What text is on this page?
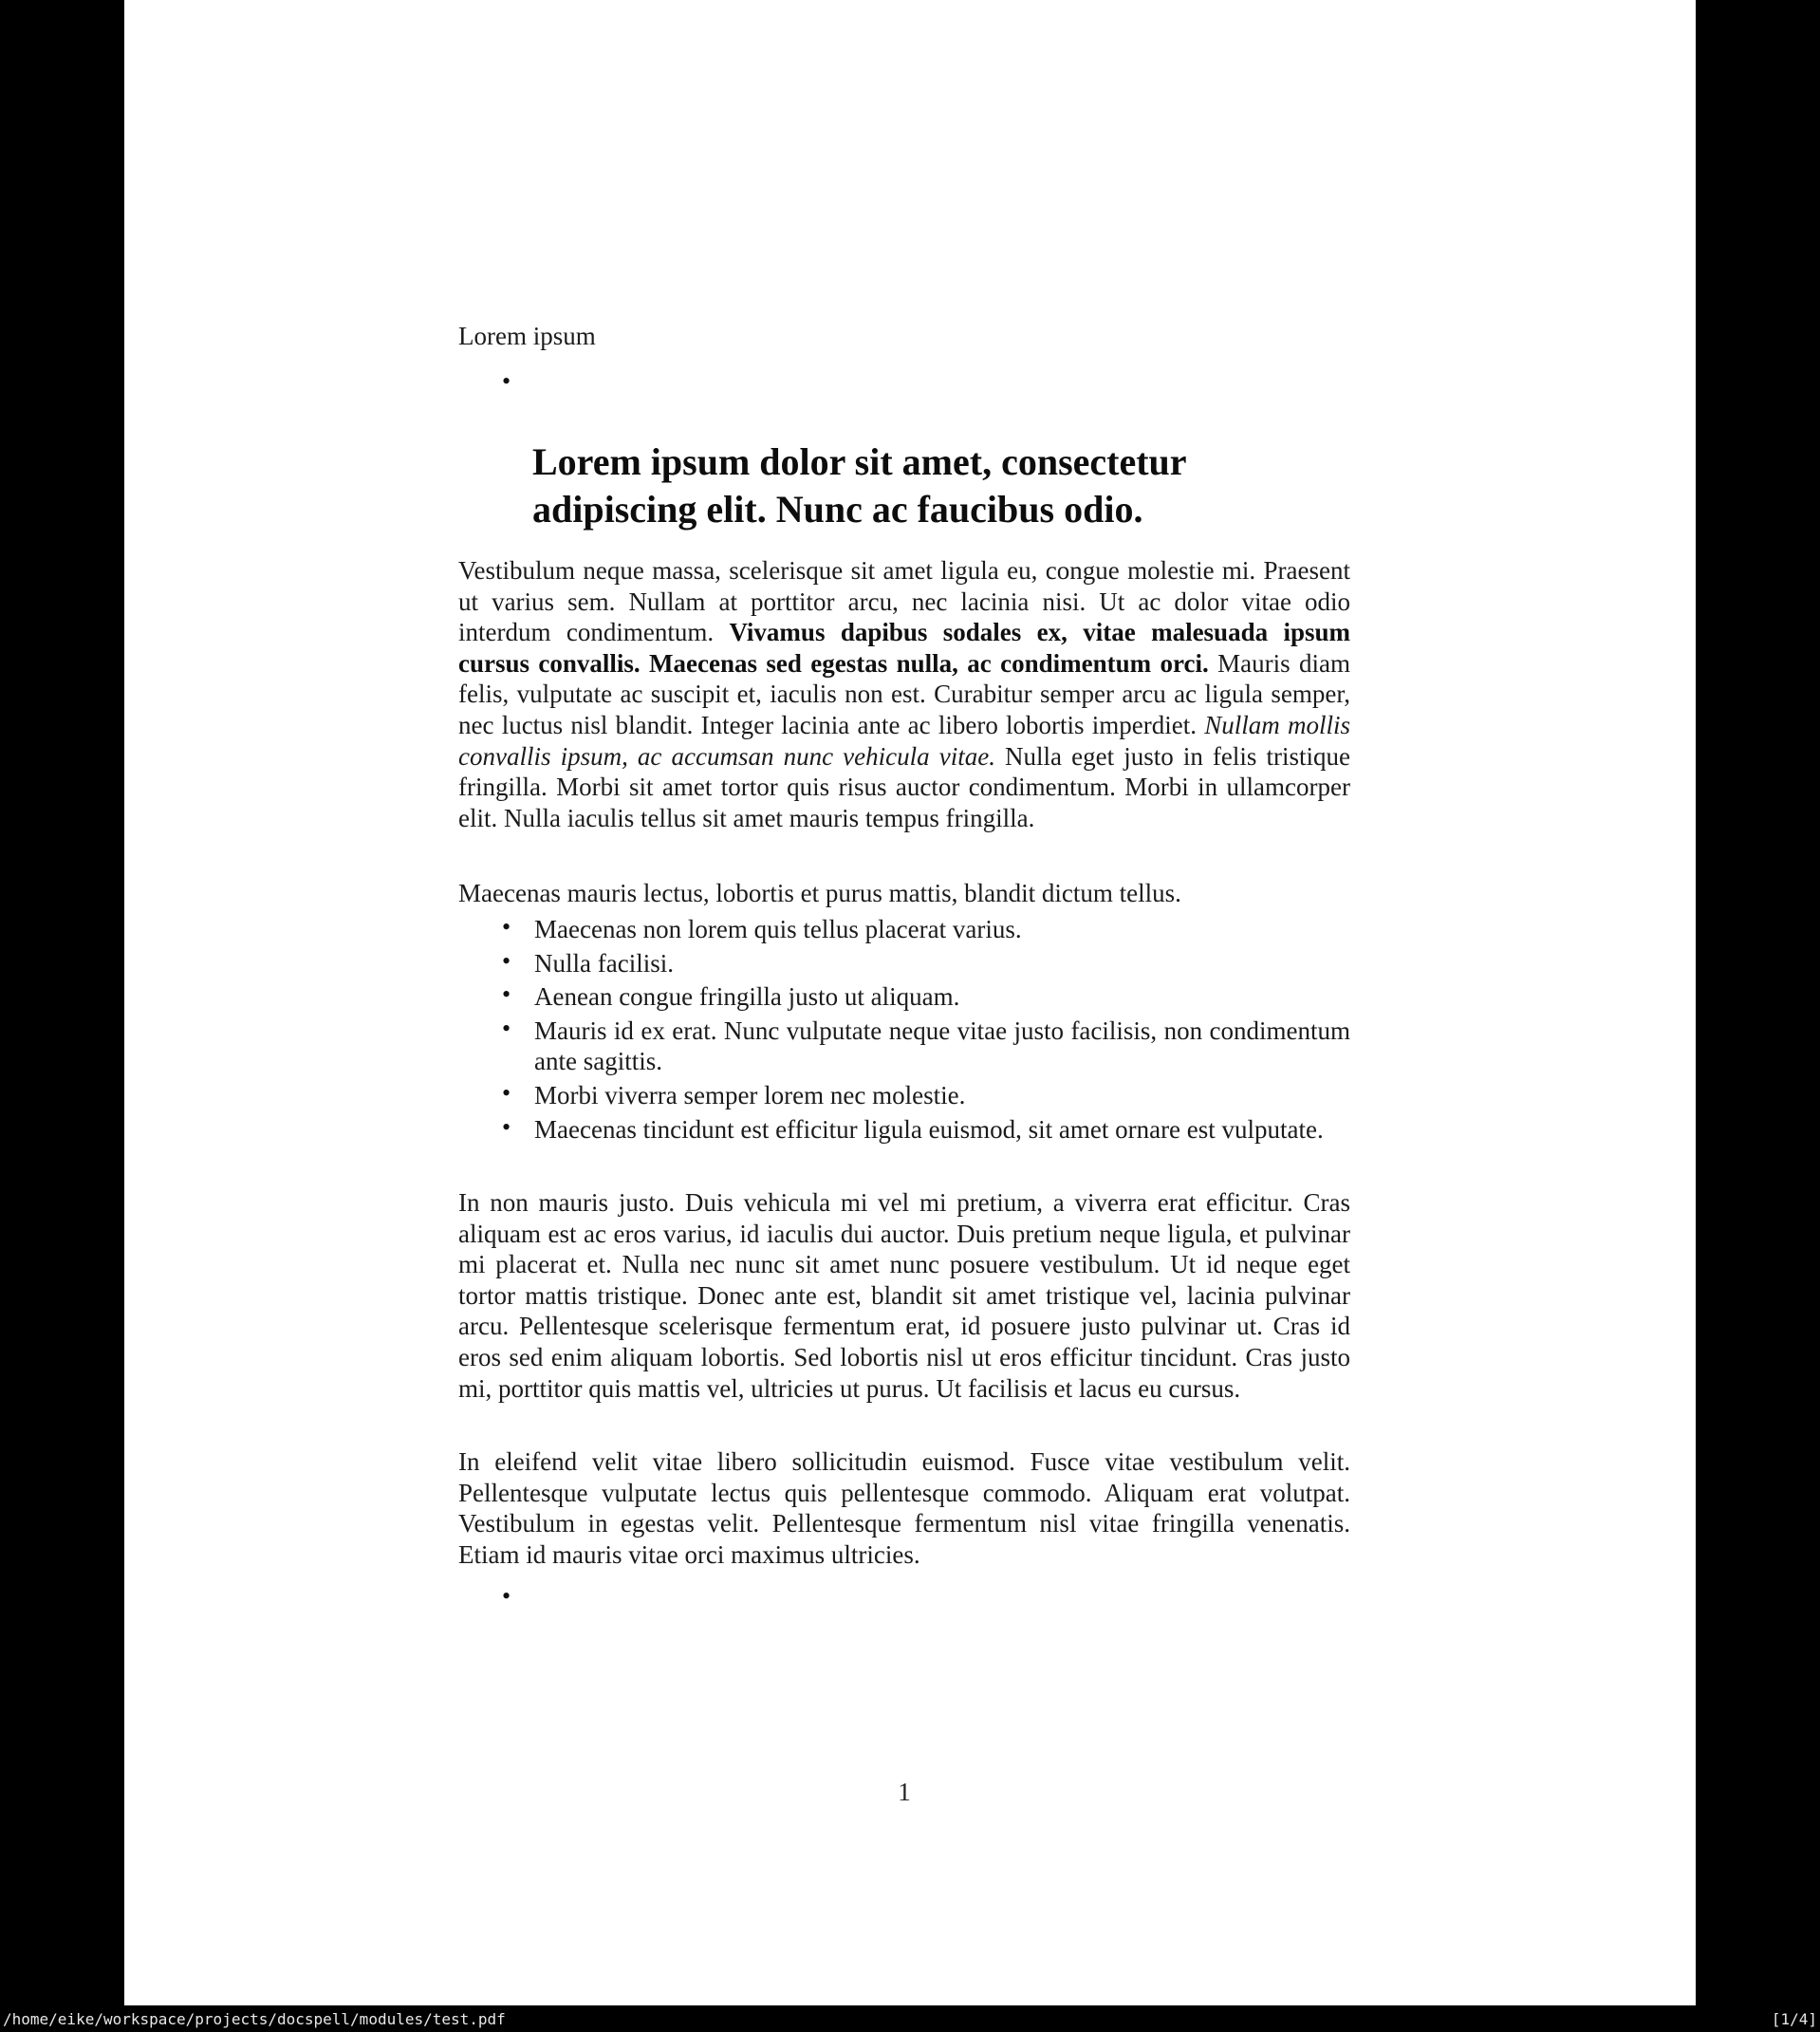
Lorem ipsum

•
Lorem ipsum dolor sit amet, consectetur adipiscing elit. Nunc ac faucibus odio.

Vestibulum neque massa, scelerisque sit amet ligula eu, congue molestie mi. Praesent ut varius sem. Nullam at porttitor arcu, nec lacinia nisi. Ut ac dolor vitae odio interdum condimentum. Vivamus dapibus sodales ex, vitae malesuada ipsum cursus convallis. Maecenas sed egestas nulla, ac condimentum orci. Mauris diam felis, vulputate ac suscipit et, iaculis non est. Curabitur semper arcu ac ligula semper, nec luctus nisl blandit. Integer lacinia ante ac libero lobortis imperdiet. Nullam mollis convallis ipsum, ac accumsan nunc vehicula vitae. Nulla eget justo in felis tristique fringilla. Morbi sit amet tortor quis risus auctor condimentum. Morbi in ullamcorper elit. Nulla iaculis tellus sit amet mauris tempus fringilla.

Maecenas mauris lectus, lobortis et purus mattis, blandit dictum tellus.

• Maecenas non lorem quis tellus placerat varius.
• Nulla facilisi.
• Aenean congue fringilla justo ut aliquam.
• Mauris id ex erat. Nunc vulputate neque vitae justo facilisis, non condimentum ante sagittis.
• Morbi viverra semper lorem nec molestie.
• Maecenas tincidunt est efficitur ligula euismod, sit amet ornare est vulputate.

In non mauris justo. Duis vehicula mi vel mi pretium, a viverra erat efficitur. Cras aliquam est ac eros varius, id iaculis dui auctor. Duis pretium neque ligula, et pulvinar mi placerat et. Nulla nec nunc sit amet nunc posuere vestibulum. Ut id neque eget tortor mattis tristique. Donec ante est, blandit sit amet tristique vel, lacinia pulvinar arcu. Pellentesque scelerisque fermentum erat, id posuere justo pulvinar ut. Cras id eros sed enim aliquam lobortis. Sed lobortis nisl ut eros efficitur tincidunt. Cras justo mi, porttitor quis mattis vel, ultricies ut purus. Ut facilisis et lacus eu cursus.

In eleifend velit vitae libero sollicitudin euismod. Fusce vitae vestibulum velit. Pellentesque vulputate lectus quis pellentesque commodo. Aliquam erat volutpat. Vestibulum in egestas velit. Pellentesque fermentum nisl vitae fringilla venenatis. Etiam id mauris vitae orci maximus ultricies.

•
1
/home/eike/workspace/projects/docspell/modules/test.pdf	[1/4]
